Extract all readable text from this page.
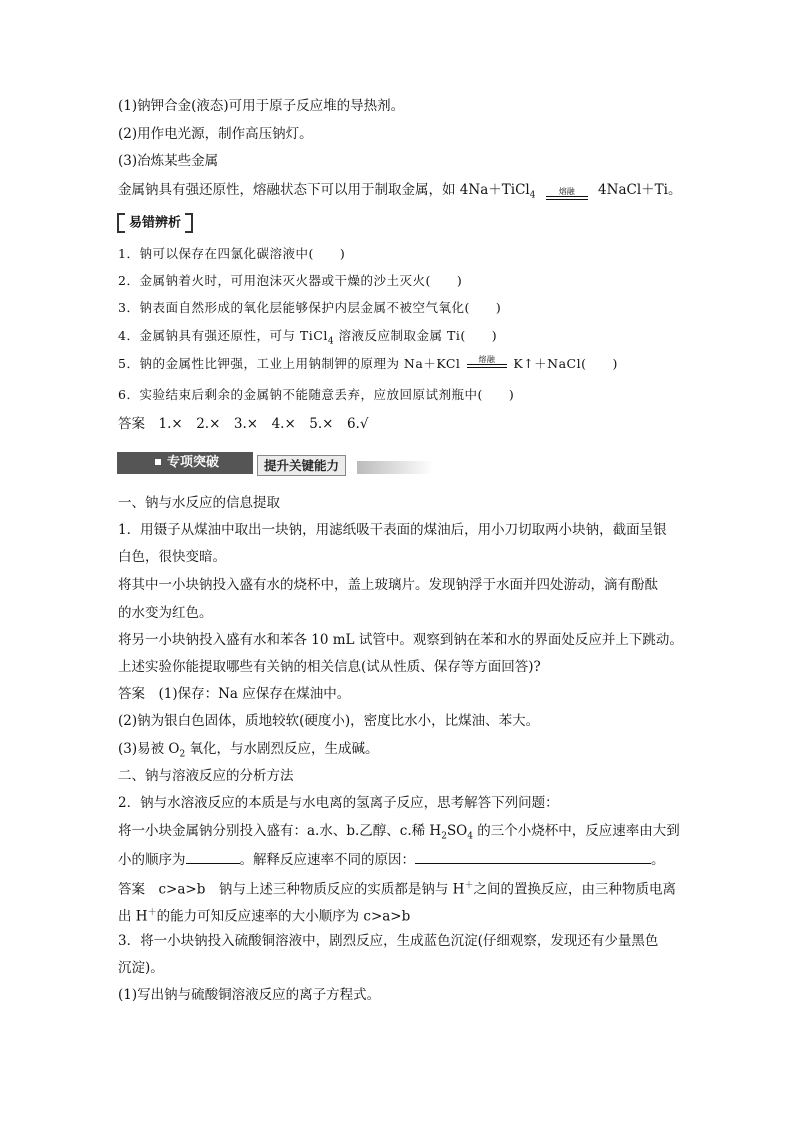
(1)钠钾合金(液态)可用于原子反应堆的导热剂。
(2)用作电光源，制作高压钠灯。
(3)冶炼某些金属
金属钠具有强还原性，熔融状态下可以用于制取金属，如 4Na＋TiCl$_4$	熔融	4NaCl＋Ti。
易错辨析
1．钠可以保存在四氯化碳溶液中(　　)
2．金属钠着火时，可用泡沫灭火器或干燥的沙土灭火(　　)
3．钠表面自然形成的氧化层能够保护内层金属不被空气氧化(　　)
4．金属钠具有强还原性，可与 TiCl$_4$ 溶液反应制取金属 Ti(　　)
5．钠的金属性比钾强，工业上用钠制钾的原理为 Na＋KCl	熔融	K↑＋NaCl(　　)
6．实验结束后剩余的金属钠不能随意丢弃，应放回原试剂瓶中(　　)
答案　1.×　2.×　3.×　4.×　5.×　6.√
专项突破	提升关键能力
一、钠与水反应的信息提取
1．用镊子从煤油中取出一块钠，用滤纸吸干表面的煤油后，用小刀切取两小块钠，截面呈银
白色，很快变暗。
将其中一小块钠投入盛有水的烧杯中，盖上玻璃片。发现钠浮于水面并四处游动，滴有酚酞
的水变为红色。
将另一小块钠投入盛有水和苯各 10 mL 试管中。观察到钠在苯和水的界面处反应并上下跳动。
上述实验你能提取哪些有关钠的相关信息(试从性质、保存等方面回答)?
答案　(1)保存：Na 应保存在煤油中。
(2)钠为银白色固体，质地较软(硬度小)，密度比水小，比煤油、苯大。
(3)易被 $O_2$ 氧化，与水剧烈反应，生成碱。
二、钠与溶液反应的分析方法
2．钠与水溶液反应的本质是与水电离的氢离子反应，思考解答下列问题：
将一小块金属钠分别投入盛有：a.水、b.乙醇、c.稀 $H_2SO_4$ 的三个小烧杯中，反应速率由大到
小的顺序为	。解释反应速率不同的原因：	。
答案　c>a>b　钠与上述三种物质反应的实质都是钠与 H＋之间的置换反应，由三种物质电离
出 H＋的能力可知反应速率的大小顺序为 c>a>b
3．将一小块钠投入硫酸铜溶液中，剧烈反应，生成蓝色沉淀(仔细观察，发现还有少量黑色
沉淀)。
(1)写出钠与硫酸铜溶液反应的离子方程式。
